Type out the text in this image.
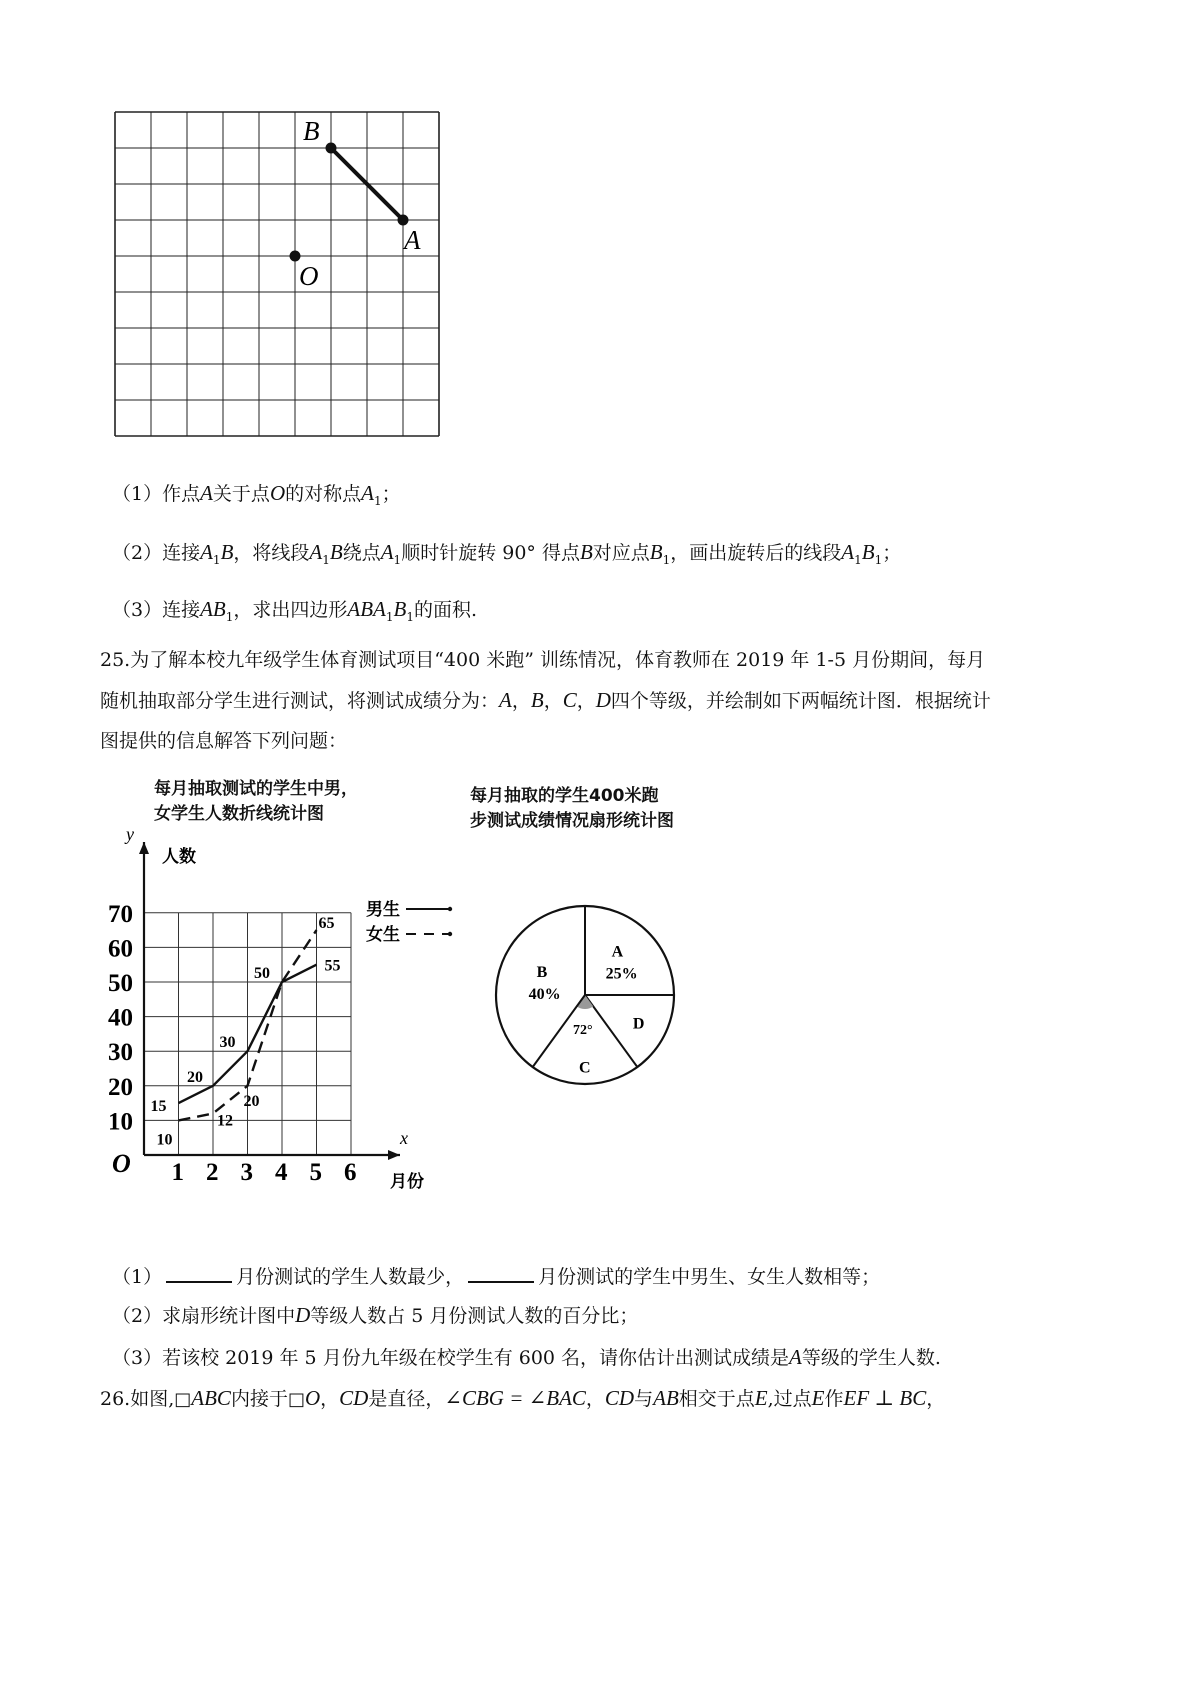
B
A
O
（1）作点A关于点O的对称点$A_1$；
（2）连接$A_1B$，将线段$A_1B$绕点$A_1$顺时针旋转 90° 得点B对应点$B_1$，画出旋转后的线段$A_1B_1$；
（3）连接$AB_1$，求出四边形$ABA_1B_1$的面积.
25.为了解本校九年级学生体育测试项目“400 米跑” 训练情况，体育教师在 2019 年 1-5 月份期间，每月
随机抽取部分学生进行测试，将测试成绩分为：A，B，C，D四个等级，并绘制如下两幅统计图．根据统计
图提供的信息解答下列问题：
每月抽取测试的学生中男，
女学生人数折线统计图
x
y
人数
月份
O
10
20
30
40
50
60
70
1 2 3 4 5 6
15
20
30
50	55
10
12
20
65
男生
女生
每月抽取的学生400米跑
步测试成绩情况扇形统计图
A
25%
D
C
72°
B
40%
（1）	月份测试的学生人数最少，	月份测试的学生中男生、女生人数相等；
（2）求扇形统计图中D等级人数占 5 月份测试人数的百分比；
（3）若该校 2019 年 5 月份九年级在校学生有 600 名，请你估计出测试成绩是A等级的学生人数.
26.如图,□ABC内接于□O，CD是直径，∠CBG = ∠BAC，CD与AB相交于点E,过点E作EF ⊥ BC，
